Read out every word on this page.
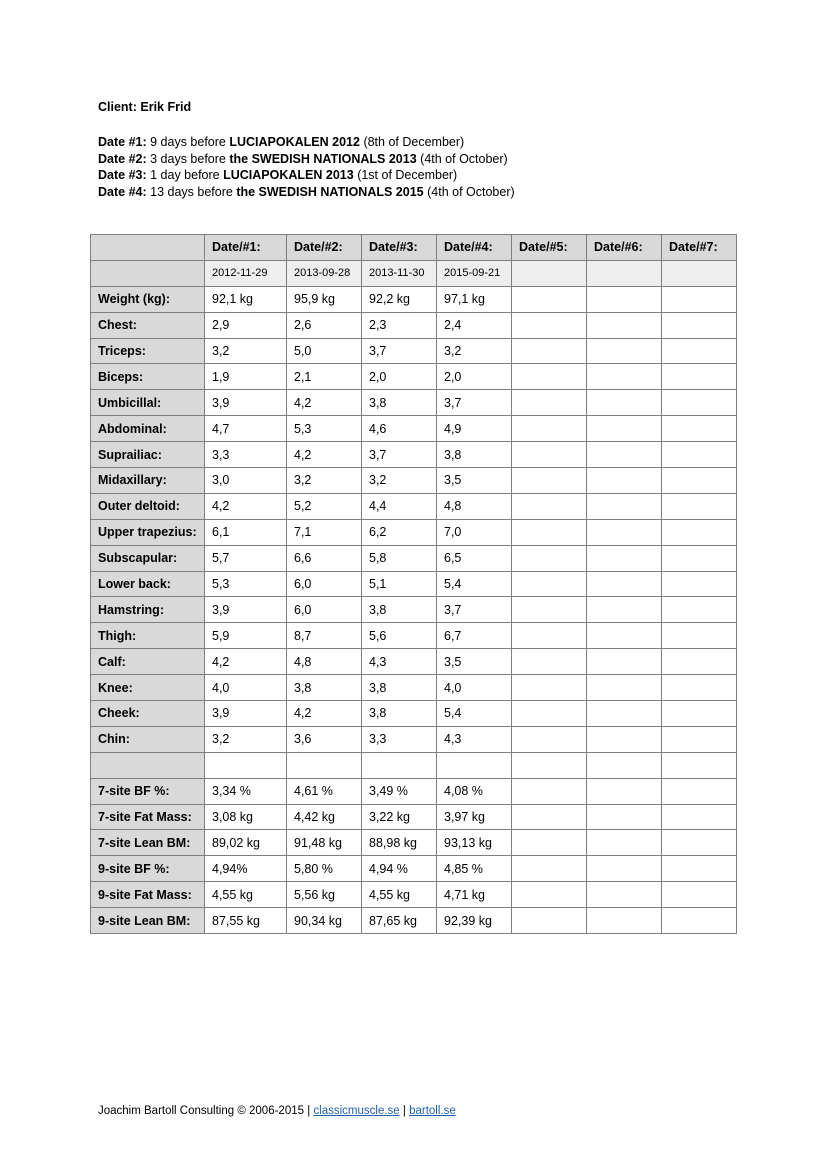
Client: Erik Frid
Date #1: 9 days before LUCIAPOKALEN 2012 (8th of December)
Date #2: 3 days before the SWEDISH NATIONALS 2013 (4th of October)
Date #3: 1 day before LUCIAPOKALEN 2013 (1st of December)
Date #4: 13 days before the SWEDISH NATIONALS 2015 (4th of October)
	Date/#1:	Date/#2:	Date/#3:	Date/#4:	Date/#5:	Date/#6:	Date/#7:
	2012-11-29	2013-09-28	2013-11-30	2015-09-21			
Weight (kg):	92,1 kg	95,9 kg	92,2 kg	97,1 kg			
Chest:	2,9	2,6	2,3	2,4			
Triceps:	3,2	5,0	3,7	3,2			
Biceps:	1,9	2,1	2,0	2,0			
Umbicillal:	3,9	4,2	3,8	3,7			
Abdominal:	4,7	5,3	4,6	4,9			
Suprailiac:	3,3	4,2	3,7	3,8			
Midaxillary:	3,0	3,2	3,2	3,5			
Outer deltoid:	4,2	5,2	4,4	4,8			
Upper trapezius:	6,1	7,1	6,2	7,0			
Subscapular:	5,7	6,6	5,8	6,5			
Lower back:	5,3	6,0	5,1	5,4			
Hamstring:	3,9	6,0	3,8	3,7			
Thigh:	5,9	8,7	5,6	6,7			
Calf:	4,2	4,8	4,3	3,5			
Knee:	4,0	3,8	3,8	4,0			
Cheek:	3,9	4,2	3,8	5,4			
Chin:	3,2	3,6	3,3	4,3			

7-site BF %:	3,34 %	4,61 %	3,49 %	4,08 %			
7-site Fat Mass:	3,08 kg	4,42 kg	3,22 kg	3,97 kg			
7-site Lean BM:	89,02 kg	91,48 kg	88,98 kg	93,13 kg			
9-site BF %:	4,94%	5,80 %	4,94 %	4,85 %			
9-site Fat Mass:	4,55 kg	5,56 kg	4,55 kg	4,71 kg			
9-site Lean BM:	87,55 kg	90,34 kg	87,65 kg	92,39 kg			
Joachim Bartoll Consulting © 2006-2015 | classicmuscle.se | bartoll.se
